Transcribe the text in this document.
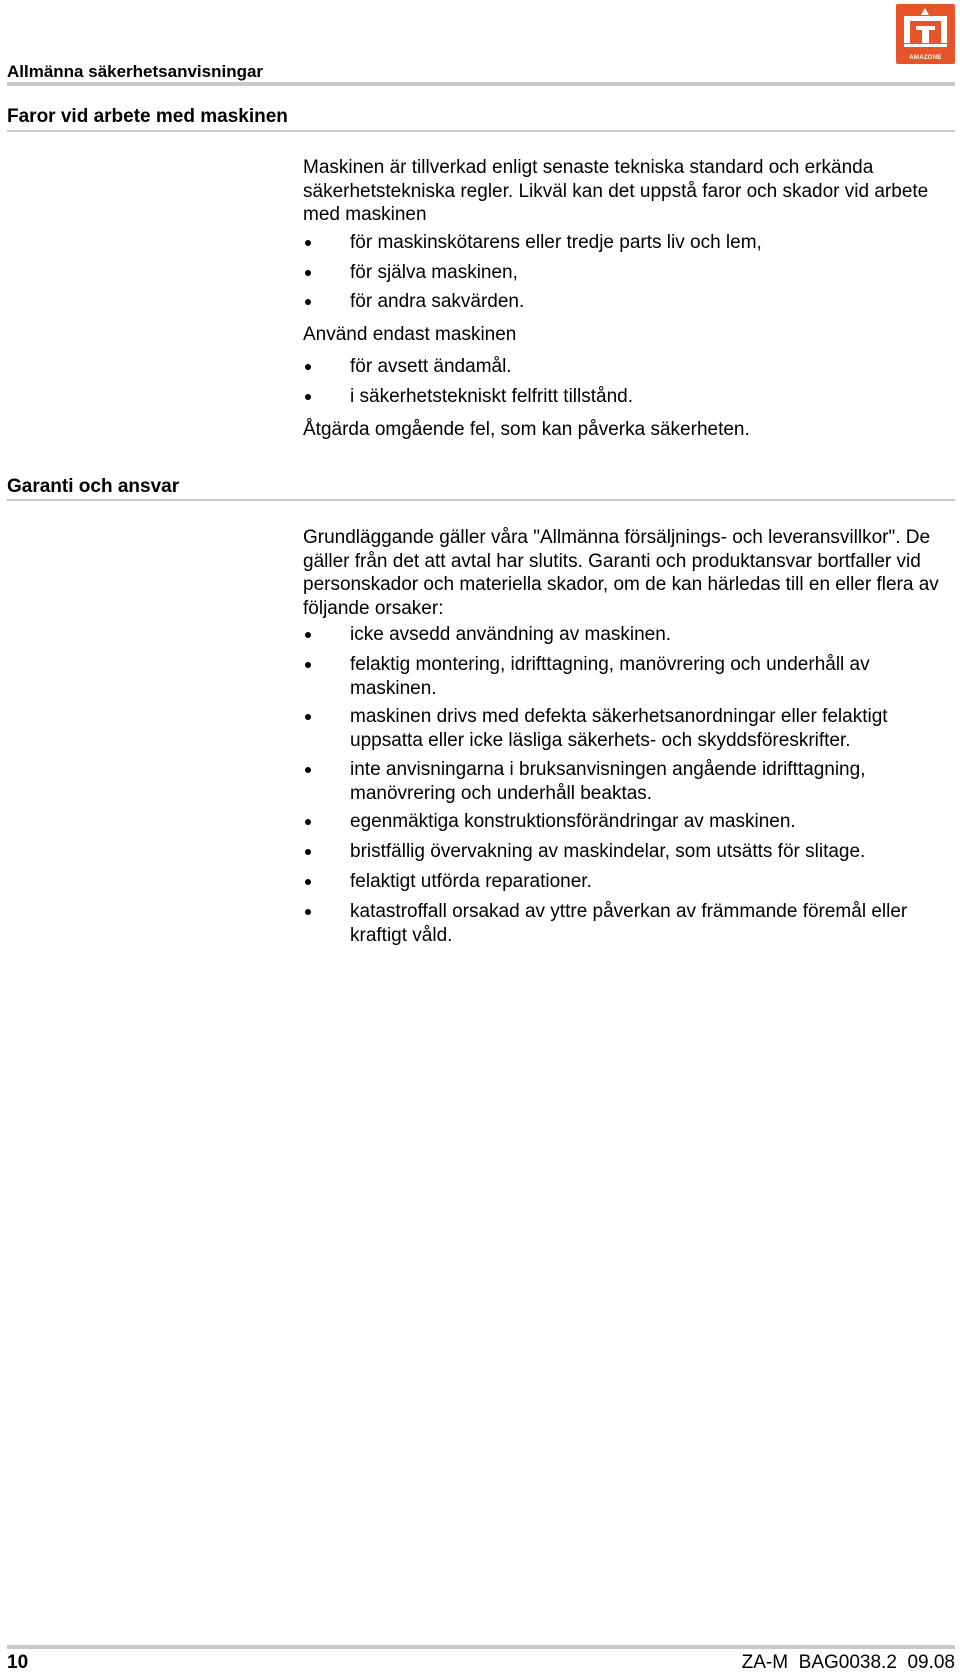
Allmänna säkerhetsanvisningar
AMAZONE
Faror vid arbete med maskinen
Maskinen är tillverkad enligt senaste tekniska standard och erkända säkerhetstekniska regler. Likväl kan det uppstå faror och skador vid arbete med maskinen
för maskinskötarens eller tredje parts liv och lem,
för själva maskinen,
för andra sakvärden.
Använd endast maskinen
för avsett ändamål.
i säkerhetstekniskt felfritt tillstånd.
Åtgärda omgående fel, som kan påverka säkerheten.
Garanti och ansvar
Grundläggande gäller våra "Allmänna försäljnings- och leveransvillkor". De gäller från det att avtal har slutits. Garanti och produktansvar bortfaller vid personskador och materiella skador, om de kan härledas till en eller flera av följande orsaker:
icke avsedd användning av maskinen.
felaktig montering, idrifttagning, manövrering och underhåll av maskinen.
maskinen drivs med defekta säkerhetsanordningar eller felaktigt uppsatta eller icke läsliga säkerhets- och skyddsföreskrifter.
inte anvisningarna i bruksanvisningen angående idrifttagning, manövrering och underhåll beaktas.
egenmäktiga konstruktionsförändringar av maskinen.
bristfällig övervakning av maskindelar, som utsätts för slitage.
felaktigt utförda reparationer.
katastroffall orsakad av yttre påverkan av främmande föremål eller kraftigt våld.
10	ZA-M  BAG0038.2  09.08
